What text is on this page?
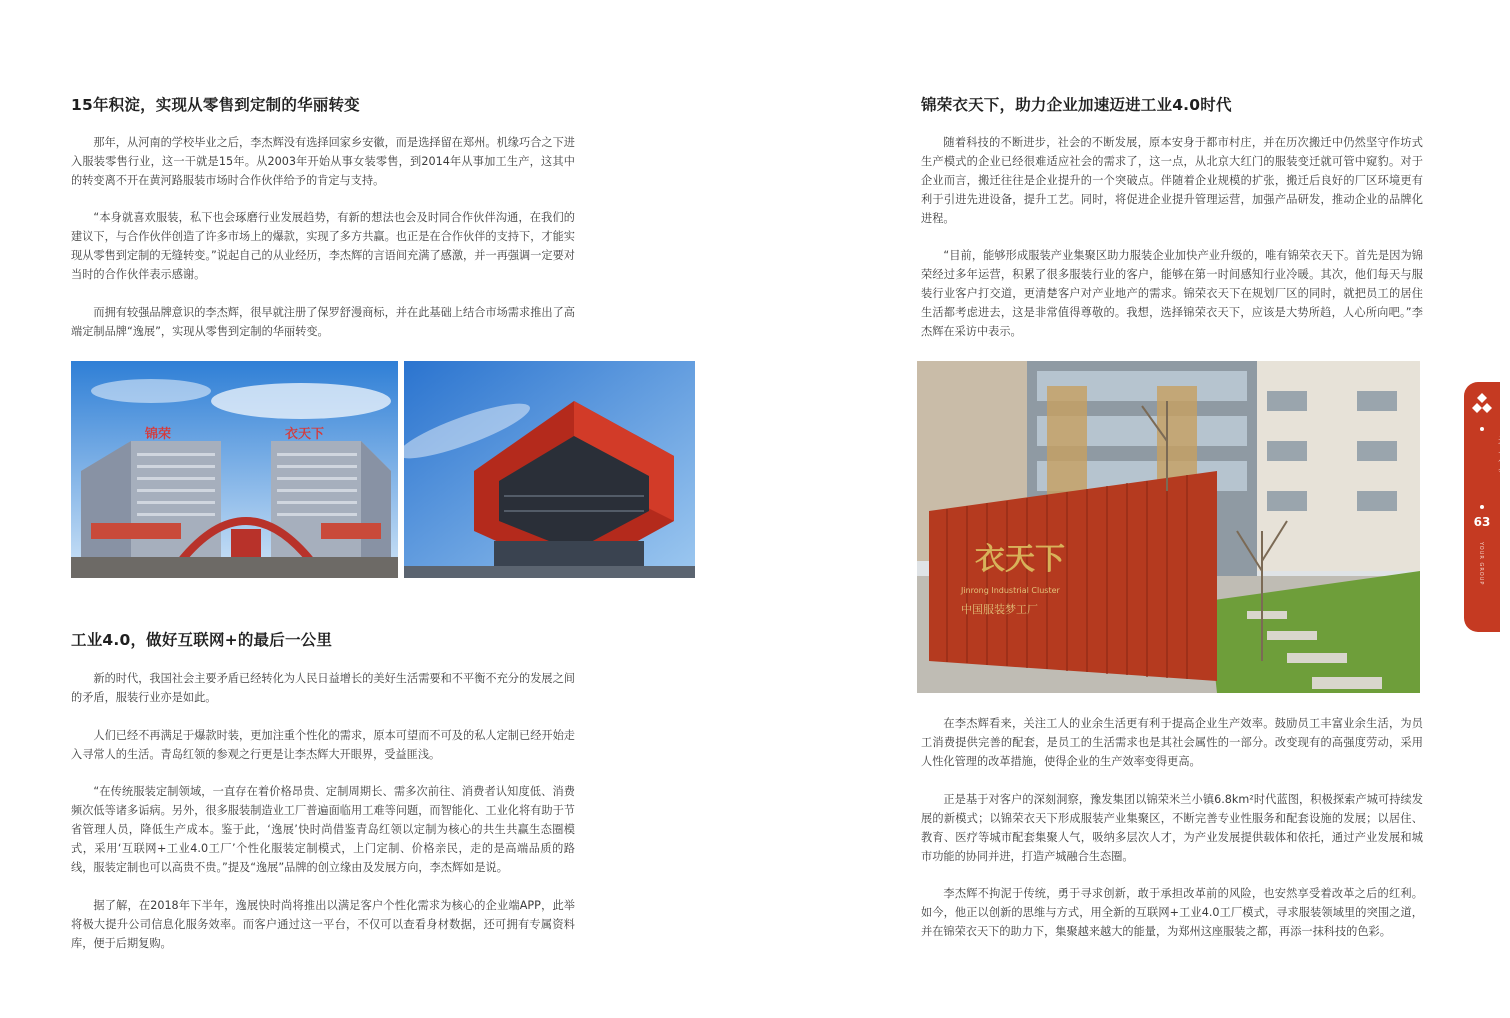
15年积淀，实现从零售到定制的华丽转变

那年，从河南的学校毕业之后，李杰辉没有选择回家乡安徽，而是选择留在郑州。机缘巧合之下进入服装零售行业，这一干就是15年。从2003年开始从事女装零售，到2014年从事加工生产，这其中的转变离不开在黄河路服装市场时合作伙伴给予的肯定与支持。

“本身就喜欢服装，私下也会琢磨行业发展趋势，有新的想法也会及时同合作伙伴沟通，在我们的建议下，与合作伙伴创造了许多市场上的爆款，实现了多方共赢。也正是在合作伙伴的支持下，才能实现从零售到定制的无缝转变。”说起自己的从业经历，李杰辉的言语间充满了感激，并一再强调一定要对当时的合作伙伴表示感谢。

而拥有较强品牌意识的李杰辉，很早就注册了保罗舒漫商标，并在此基础上结合市场需求推出了高端定制品牌“逸展”，实现从零售到定制的华丽转变。

锦荣	衣天下
工业4.0，做好互联网+的最后一公里

新的时代，我国社会主要矛盾已经转化为人民日益增长的美好生活需要和不平衡不充分的发展之间的矛盾，服装行业亦是如此。

人们已经不再满足于爆款时装，更加注重个性化的需求，原本可望而不可及的私人定制已经开始走入寻常人的生活。青岛红领的参观之行更是让李杰辉大开眼界，受益匪浅。

“在传统服装定制领域，一直存在着价格昂贵、定制周期长、需多次前往、消费者认知度低、消费频次低等诸多诟病。另外，很多服装制造业工厂普遍面临用工难等问题，而智能化、工业化将有助于节省管理人员，降低生产成本。鉴于此，‘逸展’快时尚借鉴青岛红领以定制为核心的共生共赢生态圈模式，采用‘互联网+工业4.0工厂’个性化服装定制模式，上门定制、价格亲民，走的是高端品质的路线，服装定制也可以高贵不贵。”提及“逸展”品牌的创立缘由及发展方向，李杰辉如是说。

据了解，在2018年下半年，逸展快时尚将推出以满足客户个性化需求为核心的企业端APP，此举将极大提升公司信息化服务效率。而客户通过这一平台，不仅可以查看身材数据，还可拥有专属资料库，便于后期复购。

锦荣衣天下，助力企业加速迈进工业4.0时代

随着科技的不断进步，社会的不断发展，原本安身于都市村庄，并在历次搬迁中仍然坚守作坊式生产模式的企业已经很难适应社会的需求了，这一点，从北京大红门的服装变迁就可管中窥豹。对于企业而言，搬迁往往是企业提升的一个突破点。伴随着企业规模的扩张，搬迁后良好的厂区环境更有利于引进先进设备，提升工艺。同时，将促进企业提升管理运营，加强产品研发，推动企业的品牌化进程。

“目前，能够形成服装产业集聚区助力服装企业加快产业升级的，唯有锦荣衣天下。首先是因为锦荣经过多年运营，积累了很多服装行业的客户，能够在第一时间感知行业冷暖。其次，他们每天与服装行业客户打交道，更清楚客户对产业地产的需求。锦荣衣天下在规划厂区的同时，就把员工的居住生活都考虑进去，这是非常值得尊敬的。我想，选择锦荣衣天下，应该是大势所趋，人心所向吧。”李杰辉在采访中表示。

衣天下
Jinrong Industrial Cluster
中国服装梦工厂

在李杰辉看来，关注工人的业余生活更有利于提高企业生产效率。鼓励员工丰富业余生活，为员工消费提供完善的配套，是员工的生活需求也是其社会属性的一部分。改变现有的高强度劳动，采用人性化管理的改革措施，使得企业的生产效率变得更高。

正是基于对客户的深刻洞察，豫发集团以锦荣米兰小镇6.8km²时代蓝图，积极探索产城可持续发展的新模式；以锦荣衣天下形成服装产业集聚区，不断完善专业性服务和配套设施的发展；以居住、教育、医疗等城市配套集聚人气，吸纳多层次人才，为产业发展提供载体和依托，通过产业发展和城市功能的协同并进，打造产城融合生态圈。

李杰辉不拘泥于传统，勇于寻求创新，敢于承担改革前的风险，也安然享受着改革之后的红利。如今，他正以创新的思维与方式，用全新的互联网+工业4.0工厂模式，寻求服装领域里的突围之道，并在锦荣衣天下的助力下，集聚越来越大的能量，为郑州这座服装之都，再添一抹科技的色彩。

老友会
63
YOUR GROUP
